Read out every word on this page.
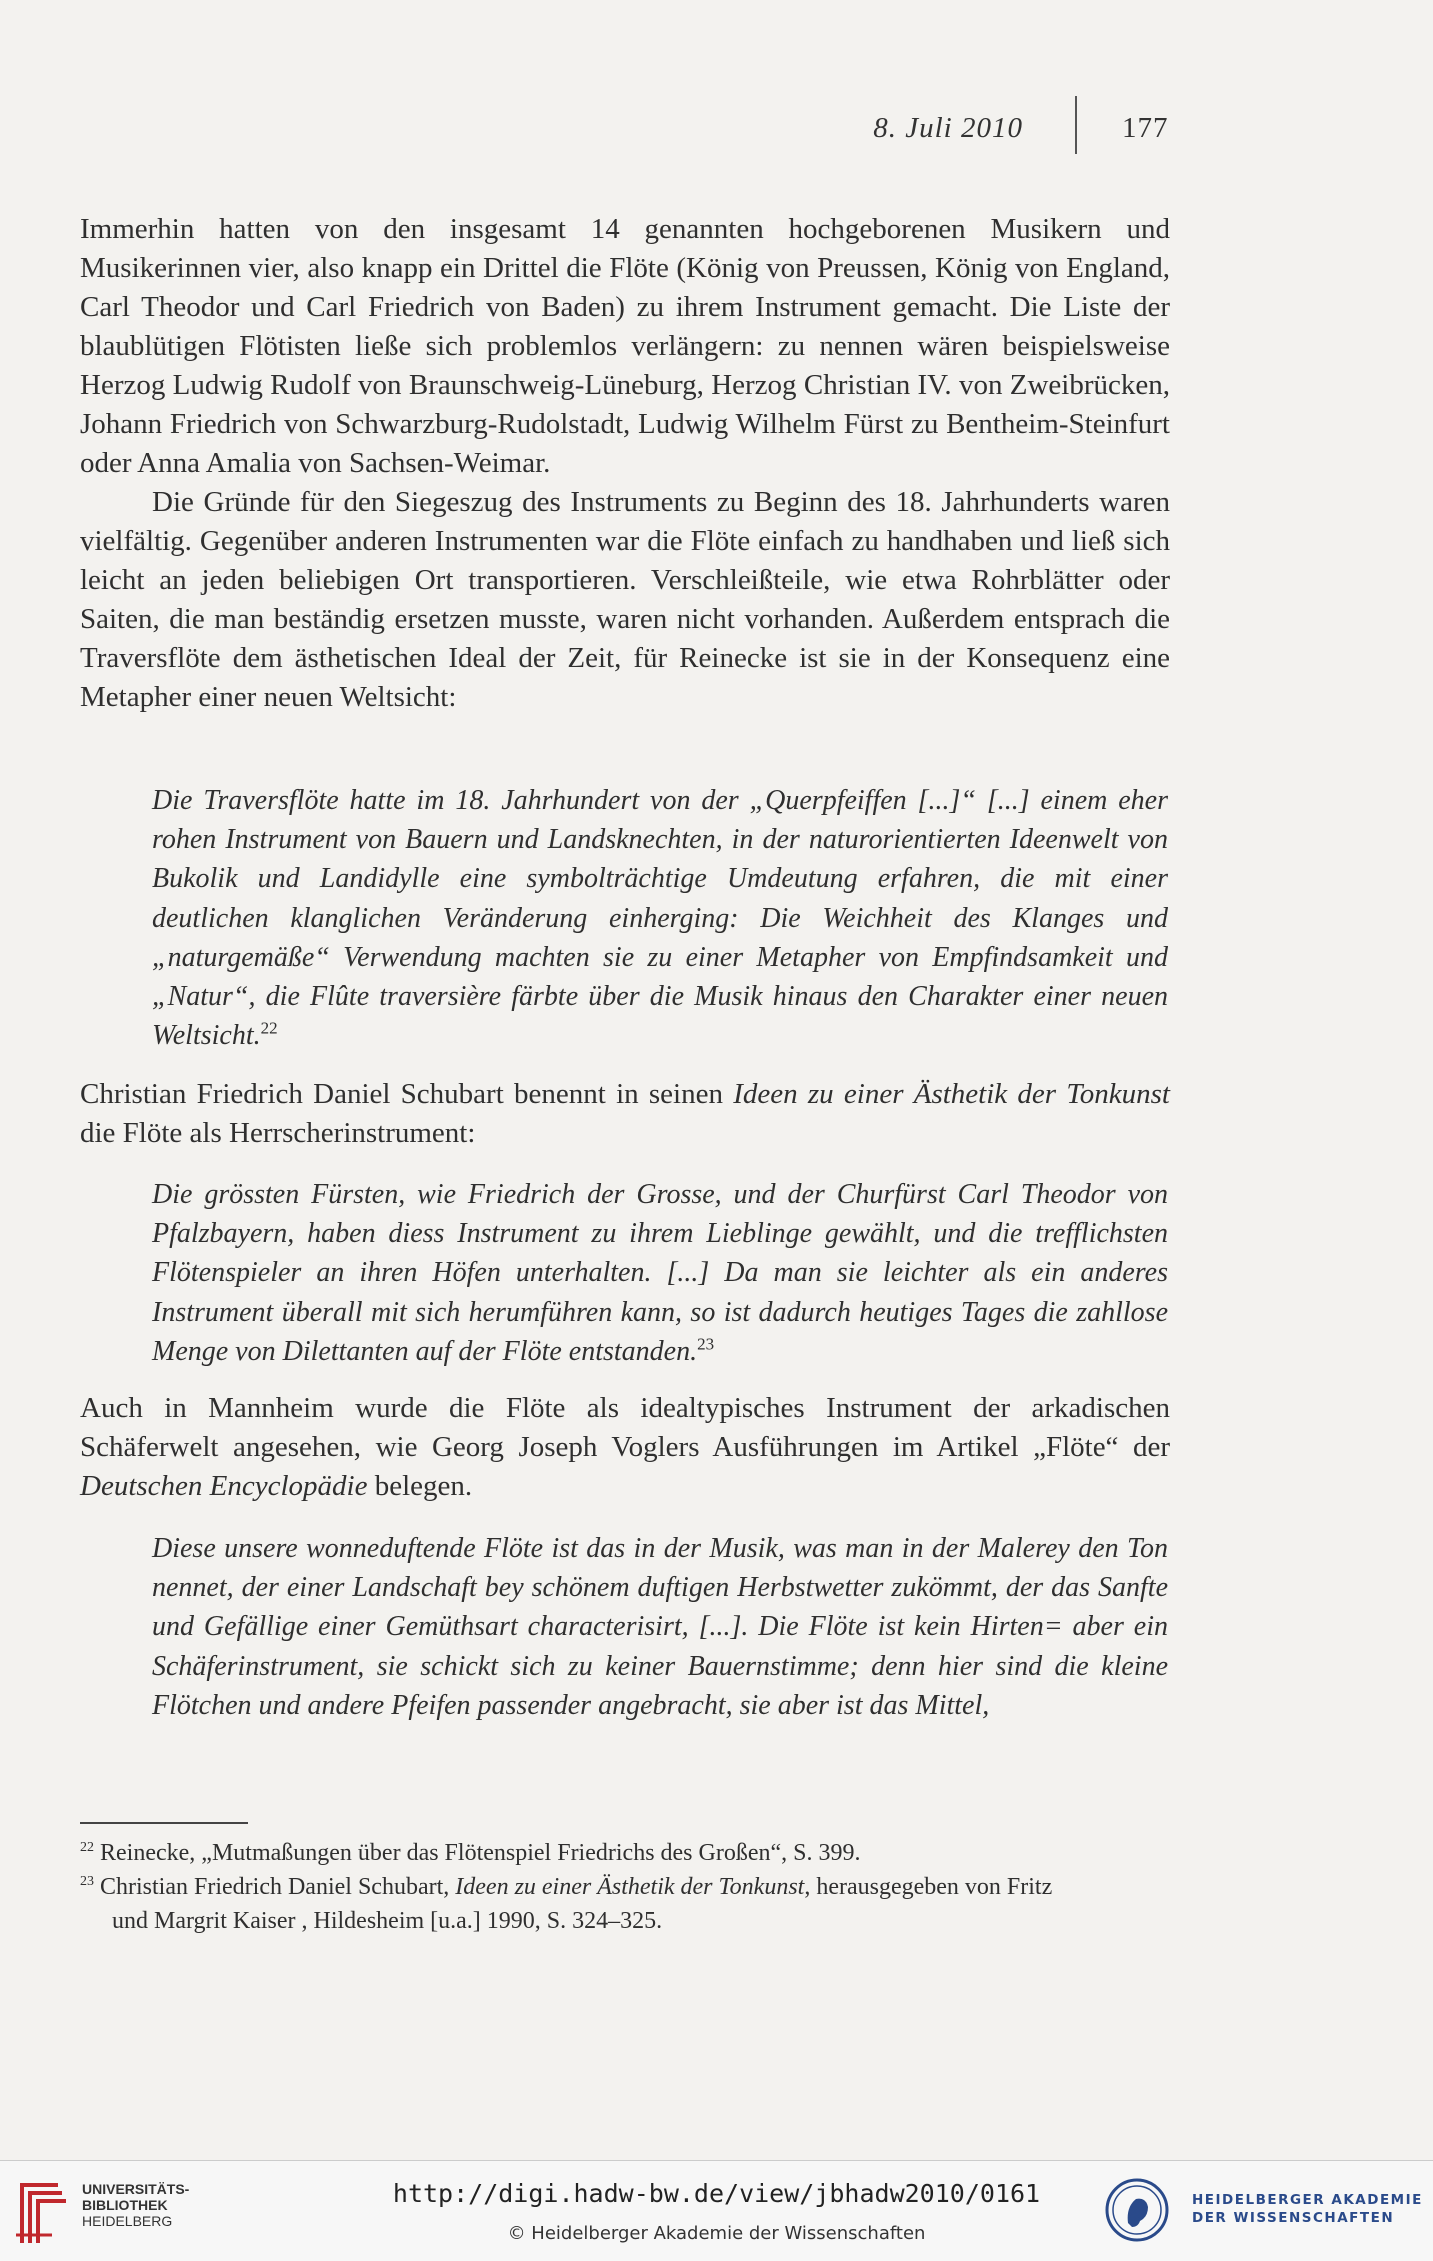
8. Juli 2010	177

Immerhin hatten von den insgesamt 14 genannten hochgeborenen Musikern und Musikerinnen vier, also knapp ein Drittel die Flöte (König von Preussen, König von England, Carl Theodor und Carl Friedrich von Baden) zu ihrem Instrument gemacht. Die Liste der blaublütigen Flötisten ließe sich problemlos verlängern: zu nennen wären beispielsweise Herzog Ludwig Rudolf von Braunschweig-Lüneburg, Herzog Christian IV. von Zweibrücken, Johann Friedrich von Schwarzburg-Rudolstadt, Ludwig Wilhelm Fürst zu Bentheim-Steinfurt oder Anna Amalia von Sachsen-Weimar.

Die Gründe für den Siegeszug des Instruments zu Beginn des 18. Jahrhunderts waren vielfältig. Gegenüber anderen Instrumenten war die Flöte einfach zu handhaben und ließ sich leicht an jeden beliebigen Ort transportieren. Verschleißteile, wie etwa Rohrblätter oder Saiten, die man beständig ersetzen musste, waren nicht vorhanden. Außerdem entsprach die Traversflöte dem ästhetischen Ideal der Zeit, für Reinecke ist sie in der Konsequenz eine Metapher einer neuen Weltsicht:

Die Traversflöte hatte im 18. Jahrhundert von der „Querpfeiffen [...]“ [...] einem eher rohen Instrument von Bauern und Landsknechten, in der naturorientierten Ideenwelt von Bukolik und Landidylle eine symbolträchtige Umdeutung erfahren, die mit einer deutlichen klanglichen Veränderung einherging: Die Weichheit des Klanges und „naturgemäße“ Verwendung machten sie zu einer Metapher von Empfindsamkeit und „Natur“, die Flûte traversière färbte über die Musik hinaus den Charakter einer neuen Weltsicht.$^{22}$

Christian Friedrich Daniel Schubart benennt in seinen Ideen zu einer Ästhetik der Tonkunst die Flöte als Herrscherinstrument:

Die grössten Fürsten, wie Friedrich der Grosse, und der Churfürst Carl Theodor von Pfalzbayern, haben diess Instrument zu ihrem Lieblinge gewählt, und die trefflichsten Flötenspieler an ihren Höfen unterhalten. [...] Da man sie leichter als ein anderes Instrument überall mit sich herumführen kann, so ist dadurch heutiges Tages die zahllose Menge von Dilettanten auf der Flöte entstanden.$^{23}$

Auch in Mannheim wurde die Flöte als idealtypisches Instrument der arkadischen Schäferwelt angesehen, wie Georg Joseph Voglers Ausführungen im Artikel „Flöte“ der Deutschen Encyclopädie belegen.

Diese unsere wonneduftende Flöte ist das in der Musik, was man in der Malerey den Ton nennet, der einer Landschaft bey schönem duftigen Herbstwetter zukömmt, der das Sanfte und Gefällige einer Gemüthsart characterisirt, [...]. Die Flöte ist kein Hirten= aber ein Schäferinstrument, sie schickt sich zu keiner Bauernstimme; denn hier sind die kleine Flötchen und andere Pfeifen passender angebracht, sie aber ist das Mittel,

$^{22}$ Reinecke, „Mutmaßungen über das Flötenspiel Friedrichs des Großen“, S. 399.

$^{23}$ Christian Friedrich Daniel Schubart, Ideen zu einer Ästhetik der Tonkunst, herausgegeben von Fritz

und Margrit Kaiser , Hildesheim [u.a.] 1990, S. 324–325.

UNIVERSITÄTS-
BIBLIOTHEK
HEIDELBERG
http://digi.hadw-bw.de/view/jbhadw2010/0161
© Heidelberger Akademie der Wissenschaften
HEIDELBERGER AKADEMIE
DER WISSENSCHAFTEN
